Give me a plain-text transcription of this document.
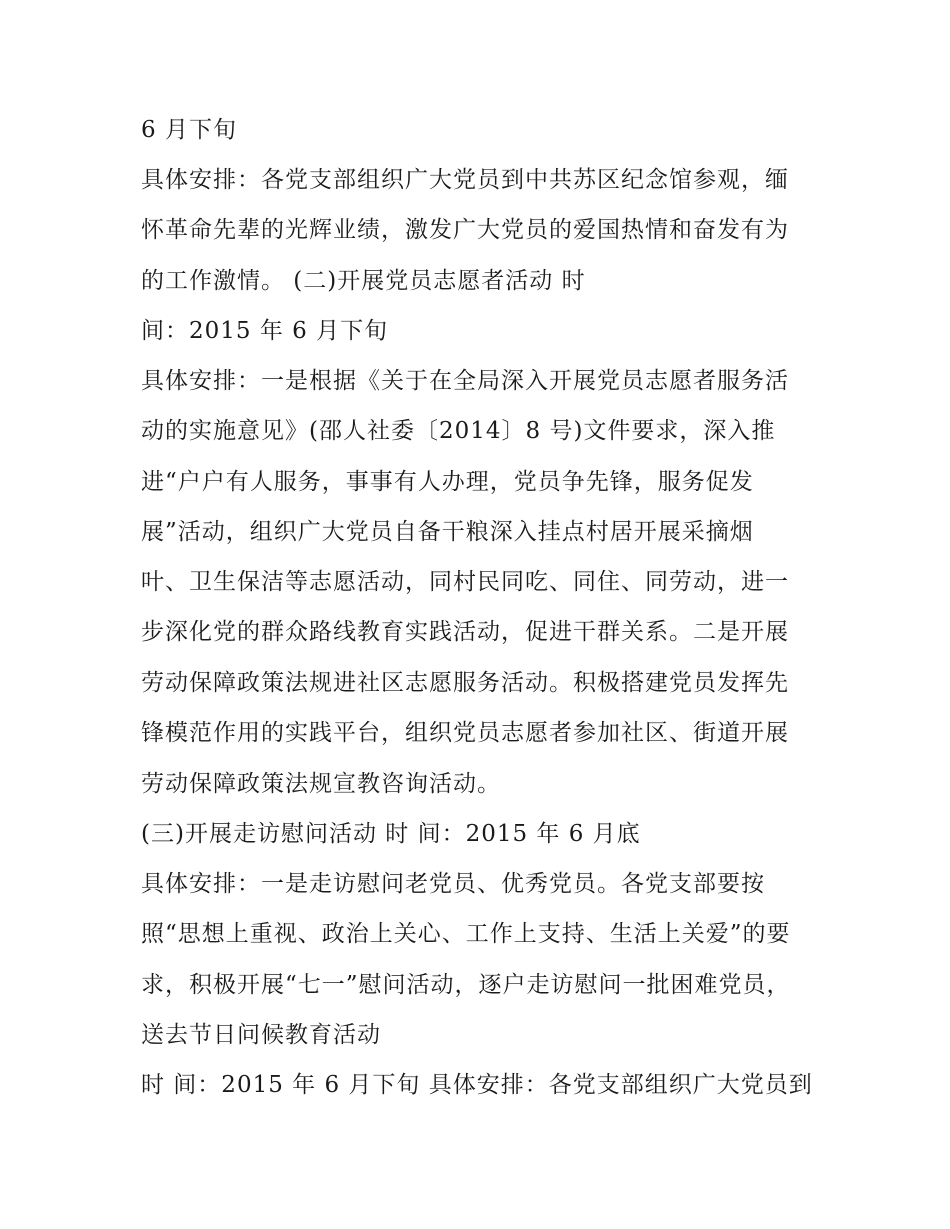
6 月下旬
具体安排：各党支部组织广大党员到中共苏区纪念馆参观，缅
怀革命先辈的光辉业绩，激发广大党员的爱国热情和奋发有为
的工作激情。 (二)开展党员志愿者活动 时
间：2015 年 6 月下旬
具体安排：一是根据《关于在全局深入开展党员志愿者服务活
动的实施意见》(邵人社委〔2014〕8 号)文件要求，深入推
进“户户有人服务，事事有人办理，党员争先锋，服务促发
展”活动，组织广大党员自备干粮深入挂点村居开展采摘烟
叶、卫生保洁等志愿活动，同村民同吃、同住、同劳动，进一
步深化党的群众路线教育实践活动，促进干群关系。二是开展
劳动保障政策法规进社区志愿服务活动。积极搭建党员发挥先
锋模范作用的实践平台，组织党员志愿者参加社区、街道开展
劳动保障政策法规宣教咨询活动。
(三)开展走访慰问活动 时 间：2015 年 6 月底
具体安排：一是走访慰问老党员、优秀党员。各党支部要按
照“思想上重视、政治上关心、工作上支持、生活上关爱”的要
求，积极开展“七一”慰问活动，逐户走访慰问一批困难党员，
送去节日问候教育活动
时 间：2015 年 6 月下旬 具体安排：各党支部组织广大党员到
